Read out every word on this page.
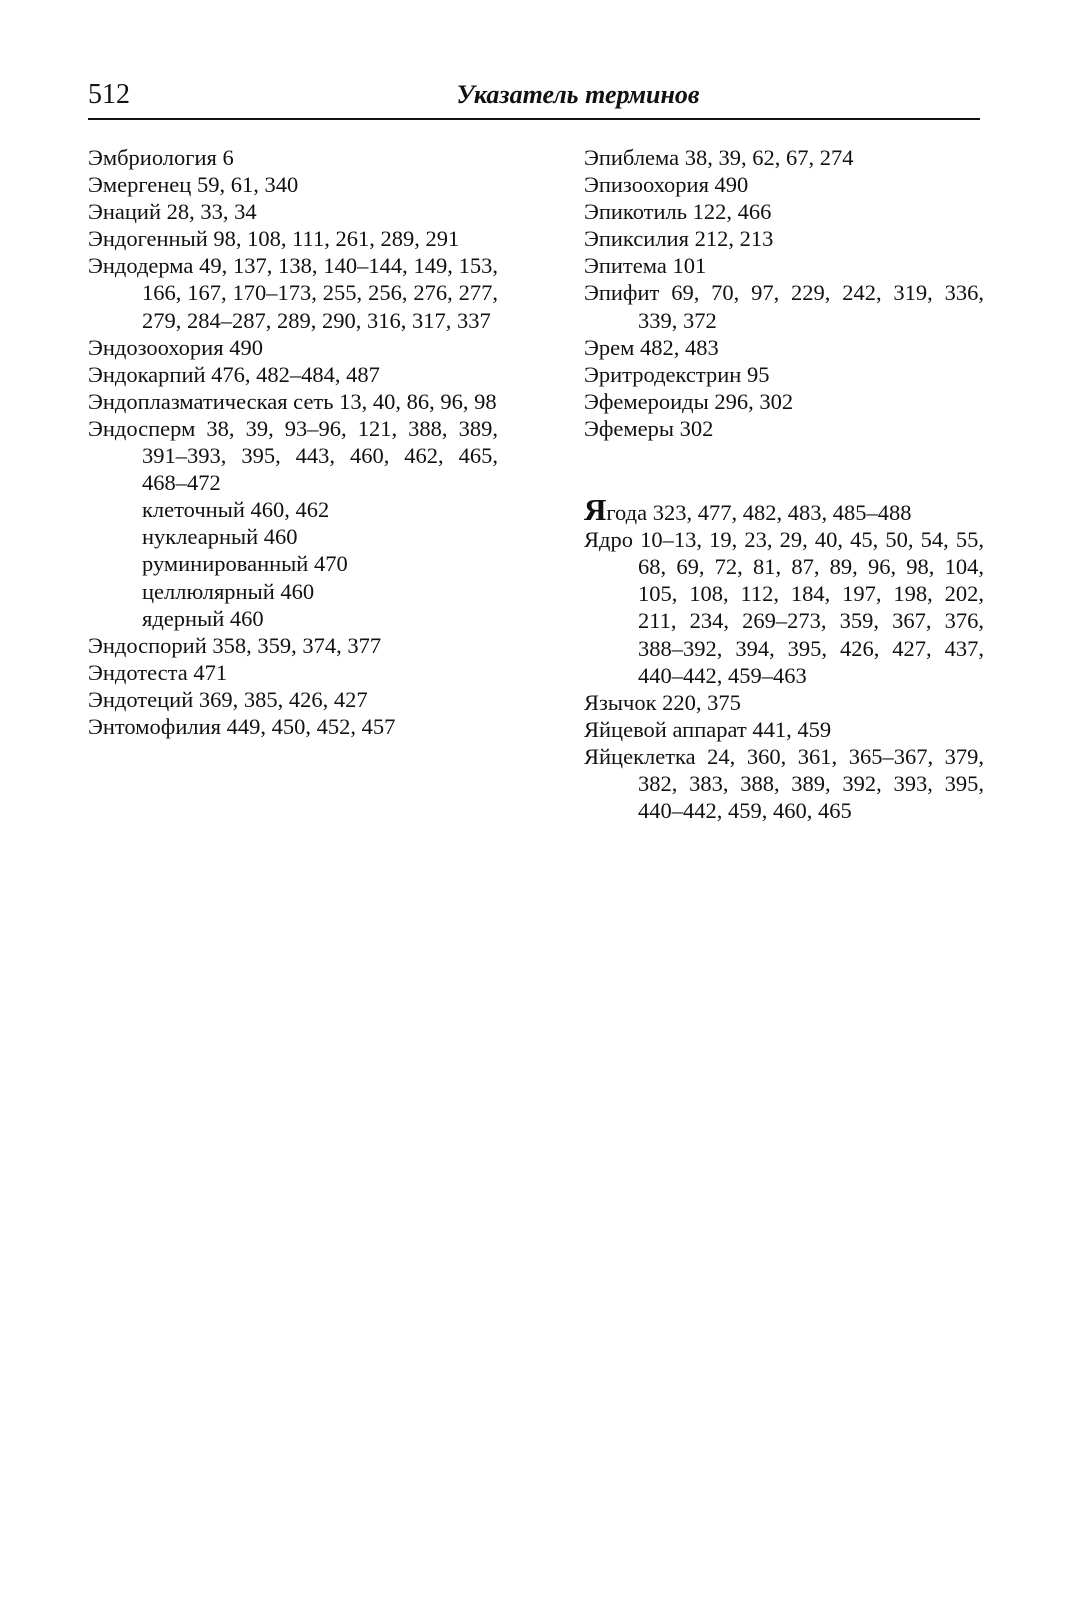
512	Указатель терминов
Эмбриология 6
Эмергенец 59, 61, 340
Энаций 28, 33, 34
Эндогенный 98, 108, 111, 261, 289, 291
Эндодерма 49, 137, 138, 140–144, 149, 153, 166, 167, 170–173, 255, 256, 276, 277, 279, 284–287, 289, 290, 316, 317, 337
Эндозоохория 490
Эндокарпий 476, 482–484, 487
Эндоплазматическая сеть 13, 40, 86, 96, 98
Эндосперм 38, 39, 93–96, 121, 388, 389, 391–393, 395, 443, 460, 462, 465, 468–472
клеточный 460, 462
нуклеарный 460
руминированный 470
целлюлярный 460
ядерный 460
Эндоспорий 358, 359, 374, 377
Эндотеста 471
Эндотеций 369, 385, 426, 427
Энтомофилия 449, 450, 452, 457
Эпиблема 38, 39, 62, 67, 274
Эпизоохория 490
Эпикотиль 122, 466
Эпиксилия 212, 213
Эпитема 101
Эпифит 69, 70, 97, 229, 242, 319, 336, 339, 372
Эрем 482, 483
Эритродекстрин 95
Эфемероиды 296, 302
Эфемеры 302
Ягода 323, 477, 482, 483, 485–488
Ядро 10–13, 19, 23, 29, 40, 45, 50, 54, 55, 68, 69, 72, 81, 87, 89, 96, 98, 104, 105, 108, 112, 184, 197, 198, 202, 211, 234, 269–273, 359, 367, 376, 388–392, 394, 395, 426, 427, 437, 440–442, 459–463
Язычок 220, 375
Яйцевой аппарат 441, 459
Яйцеклетка 24, 360, 361, 365–367, 379, 382, 383, 388, 389, 392, 393, 395, 440–442, 459, 460, 465
